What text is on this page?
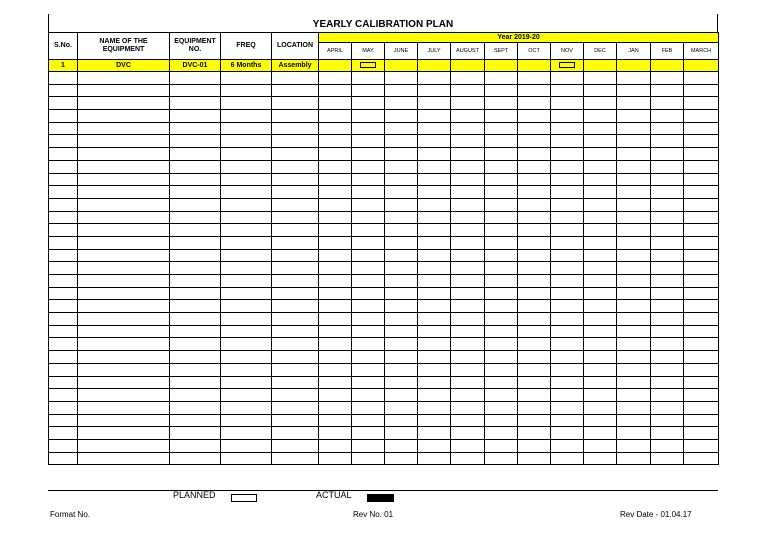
YEARLY CALIBRATION PLAN
S.No.	NAME OF THE EQUIPMENT	EQUIPMENT NO.	FREQ	LOCATION	Year 2019-20											
					APRIL	MAY	JUNE	JULY	AUGUST	SEPT	OCT	NOV	DEC	JAN	FEB	MARCH
1	DVC	DVC-01	6 Months	Assembly												

PLANNED	ACTUAL
Format No.	Rev No. 01	Rev Date - 01.04.17
